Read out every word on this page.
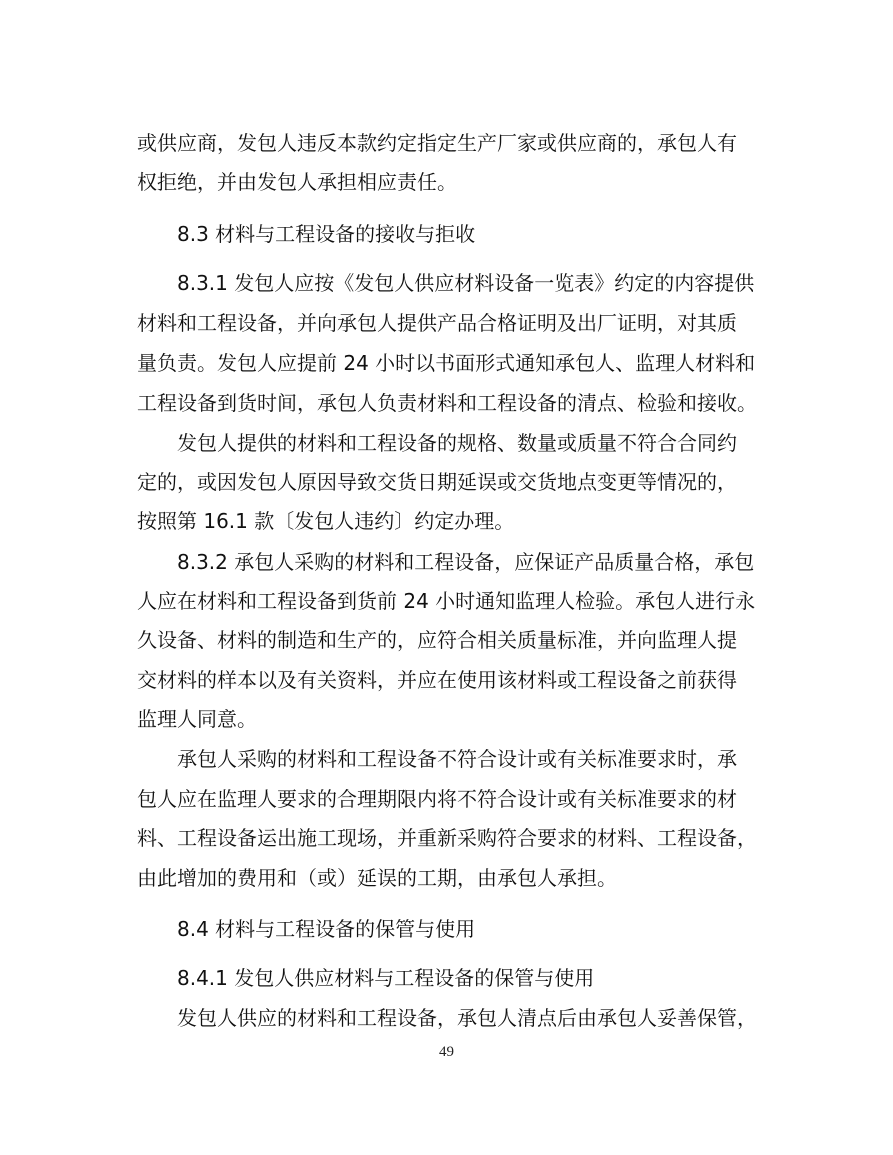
或供应商，发包人违反本款约定指定生产厂家或供应商的，承包人有
权拒绝，并由发包人承担相应责任。
8.3 材料与工程设备的接收与拒收
8.3.1 发包人应按《发包人供应材料设备一览表》约定的内容提供
材料和工程设备，并向承包人提供产品合格证明及出厂证明，对其质
量负责。发包人应提前 24 小时以书面形式通知承包人、监理人材料和
工程设备到货时间，承包人负责材料和工程设备的清点、检验和接收。
发包人提供的材料和工程设备的规格、数量或质量不符合合同约
定的，或因发包人原因导致交货日期延误或交货地点变更等情况的，
按照第 16.1 款〔发包人违约〕约定办理。
8.3.2 承包人采购的材料和工程设备，应保证产品质量合格，承包
人应在材料和工程设备到货前 24 小时通知监理人检验。承包人进行永
久设备、材料的制造和生产的，应符合相关质量标准，并向监理人提
交材料的样本以及有关资料，并应在使用该材料或工程设备之前获得
监理人同意。
承包人采购的材料和工程设备不符合设计或有关标准要求时，承
包人应在监理人要求的合理期限内将不符合设计或有关标准要求的材
料、工程设备运出施工现场，并重新采购符合要求的材料、工程设备，
由此增加的费用和（或）延误的工期，由承包人承担。
8.4 材料与工程设备的保管与使用
8.4.1 发包人供应材料与工程设备的保管与使用
发包人供应的材料和工程设备，承包人清点后由承包人妥善保管，
49
